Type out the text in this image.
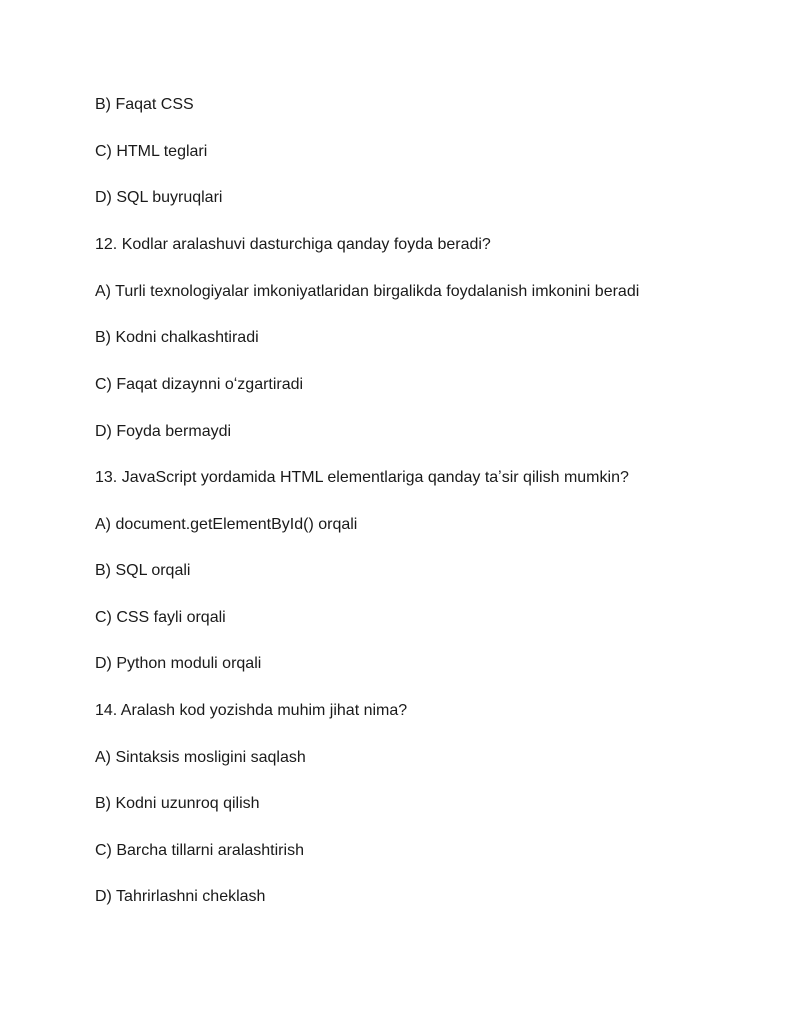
B) Faqat CSS

C) HTML teglari

D) SQL buyruqlari

12. Kodlar aralashuvi dasturchiga qanday foyda beradi?

A) Turli texnologiyalar imkoniyatlaridan birgalikda foydalanish imkonini beradi

B) Kodni chalkashtiradi

C) Faqat dizaynni oʻzgartiradi

D) Foyda bermaydi

13. JavaScript yordamida HTML elementlariga qanday taʼsir qilish mumkin?

A) document.getElementById() orqali

B) SQL orqali

C) CSS fayli orqali

D) Python moduli orqali

14. Aralash kod yozishda muhim jihat nima?

A) Sintaksis mosligini saqlash

B) Kodni uzunroq qilish

C) Barcha tillarni aralashtirish

D) Tahrirlashni cheklash
